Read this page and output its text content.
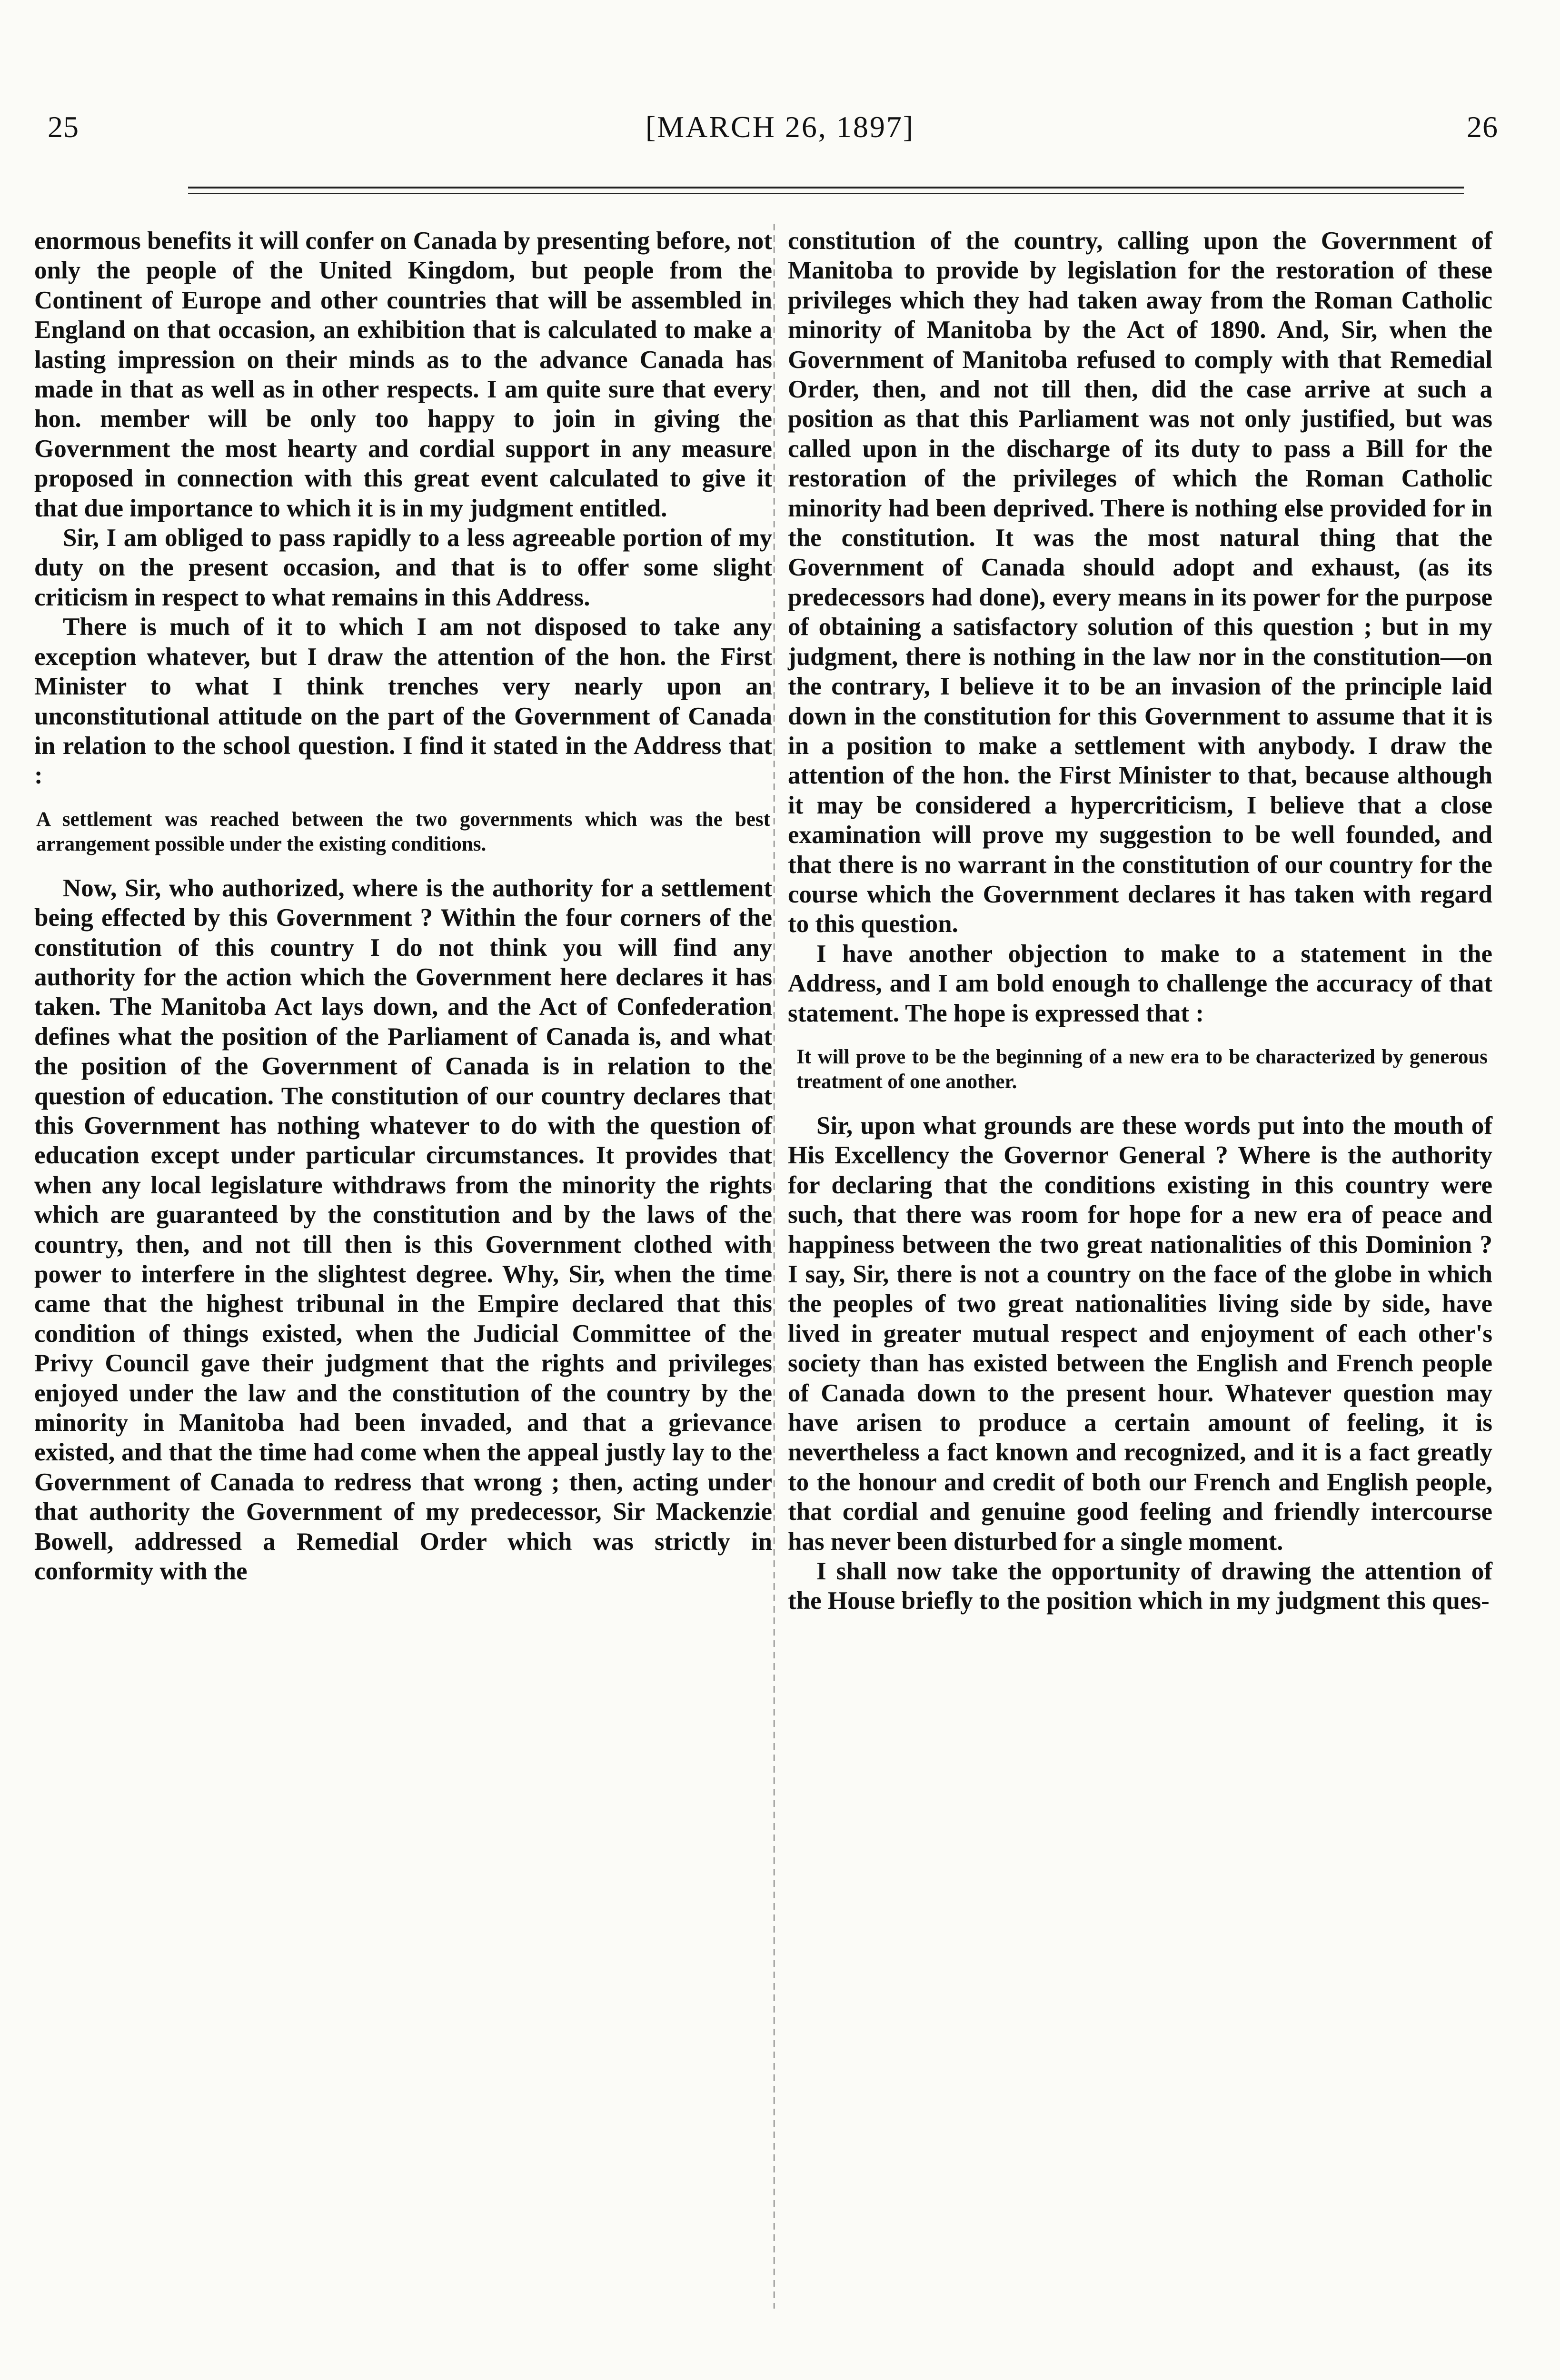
25	[MARCH 26, 1897]	26

enormous benefits it will confer on Canada by presenting before, not only the people of the United Kingdom, but people from the Continent of Europe and other countries that will be assembled in England on that occasion, an exhibition that is calculated to make a lasting impression on their minds as to the advance Canada has made in that as well as in other respects. I am quite sure that every hon. member will be only too happy to join in giving the Government the most hearty and cordial support in any measure proposed in connection with this great event calculated to give it that due importance to which it is in my judgment entitled.

Sir, I am obliged to pass rapidly to a less agreeable portion of my duty on the present occasion, and that is to offer some slight criticism in respect to what remains in this Address.

There is much of it to which I am not disposed to take any exception whatever, but I draw the attention of the hon. the First Minister to what I think trenches very nearly upon an unconstitutional attitude on the part of the Government of Canada in relation to the school question. I find it stated in the Address that :

A settlement was reached between the two governments which was the best arrangement possible under the existing conditions.

Now, Sir, who authorized, where is the authority for a settlement being effected by this Government ? Within the four corners of the constitution of this country I do not think you will find any authority for the action which the Government here declares it has taken. The Manitoba Act lays down, and the Act of Confederation defines what the position of the Parliament of Canada is, and what the position of the Government of Canada is in relation to the question of education. The constitution of our country declares that this Government has nothing whatever to do with the question of education except under particular circumstances. It provides that when any local legislature withdraws from the minority the rights which are guaranteed by the constitution and by the laws of the country, then, and not till then is this Government clothed with power to interfere in the slightest degree. Why, Sir, when the time came that the highest tribunal in the Empire declared that this condition of things existed, when the Judicial Committee of the Privy Council gave their judgment that the rights and privileges enjoyed under the law and the constitution of the country by the minority in Manitoba had been invaded, and that a grievance existed, and that the time had come when the appeal justly lay to the Government of Canada to redress that wrong ; then, acting under that authority the Government of my predecessor, Sir Mackenzie Bowell, addressed a Remedial Order which was strictly in conformity with the

constitution of the country, calling upon the Government of Manitoba to provide by legislation for the restoration of these privileges which they had taken away from the Roman Catholic minority of Manitoba by the Act of 1890. And, Sir, when the Government of Manitoba refused to comply with that Remedial Order, then, and not till then, did the case arrive at such a position as that this Parliament was not only justified, but was called upon in the discharge of its duty to pass a Bill for the restoration of the privileges of which the Roman Catholic minority had been deprived. There is nothing else provided for in the constitution. It was the most natural thing that the Government of Canada should adopt and exhaust, (as its predecessors had done), every means in its power for the purpose of obtaining a satisfactory solution of this question ; but in my judgment, there is nothing in the law nor in the constitution—on the contrary, I believe it to be an invasion of the principle laid down in the constitution for this Government to assume that it is in a position to make a settlement with anybody. I draw the attention of the hon. the First Minister to that, because although it may be considered a hypercriticism, I believe that a close examination will prove my suggestion to be well founded, and that there is no warrant in the constitution of our country for the course which the Government declares it has taken with regard to this question.

I have another objection to make to a statement in the Address, and I am bold enough to challenge the accuracy of that statement. The hope is expressed that :

It will prove to be the beginning of a new era to be characterized by generous treatment of one another.

Sir, upon what grounds are these words put into the mouth of His Excellency the Governor General ? Where is the authority for declaring that the conditions existing in this country were such, that there was room for hope for a new era of peace and happiness between the two great nationalities of this Dominion ? I say, Sir, there is not a country on the face of the globe in which the peoples of two great nationalities living side by side, have lived in greater mutual respect and enjoyment of each other's society than has existed between the English and French people of Canada down to the present hour. Whatever question may have arisen to produce a certain amount of feeling, it is nevertheless a fact known and recognized, and it is a fact greatly to the honour and credit of both our French and English people, that cordial and genuine good feeling and friendly intercourse has never been disturbed for a single moment.

I shall now take the opportunity of drawing the attention of the House briefly to the position which in my judgment this ques-
